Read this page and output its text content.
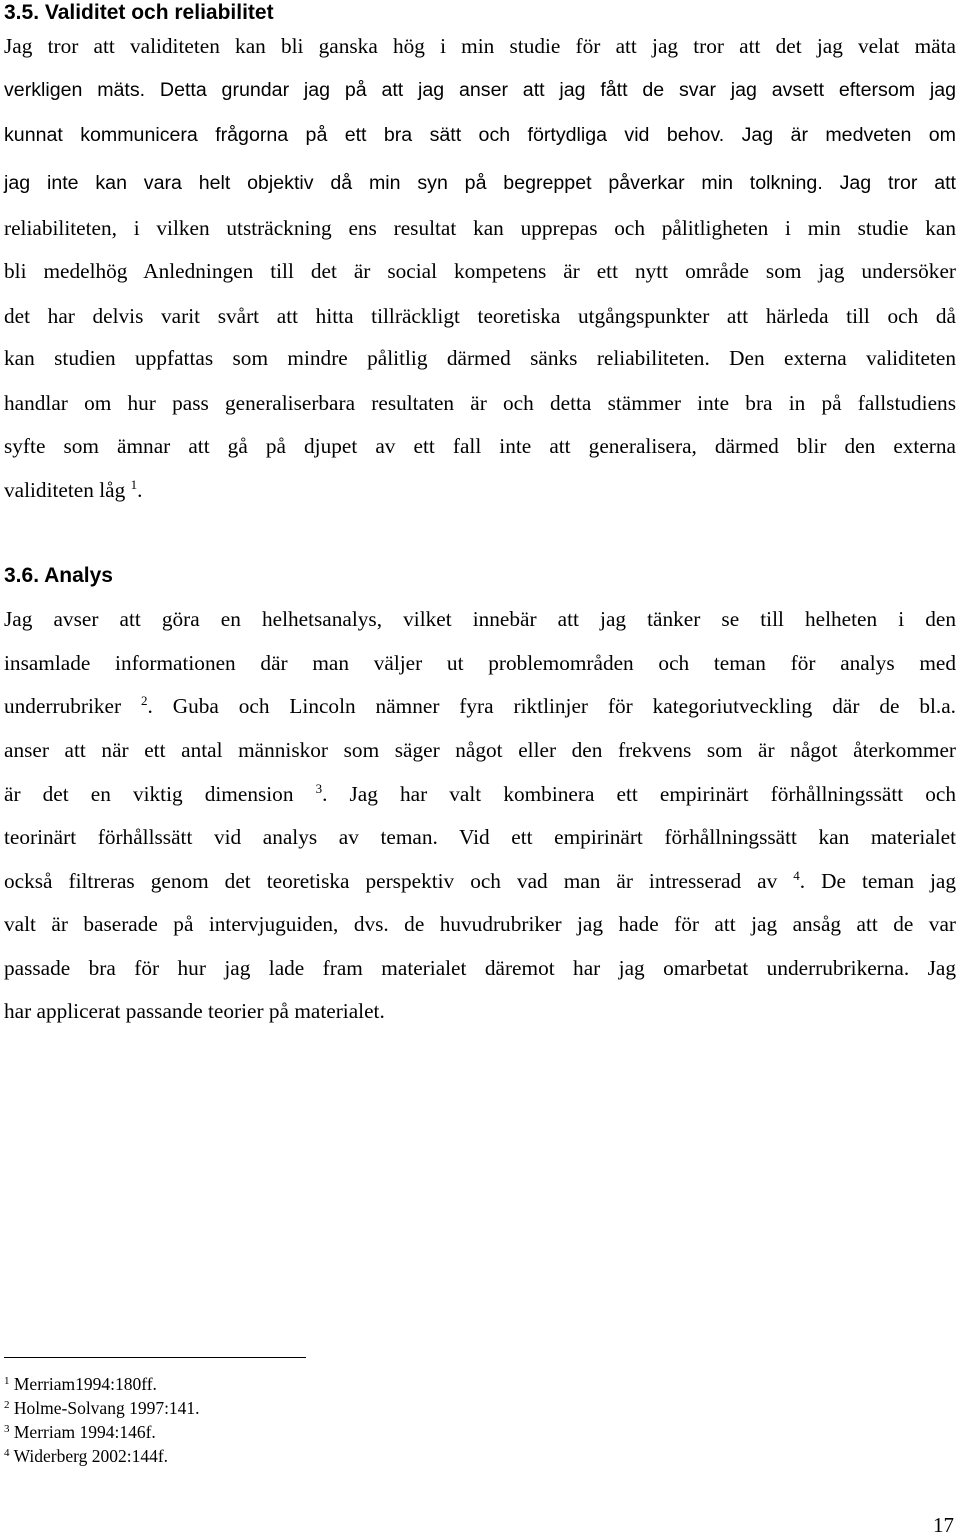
3.5. Validitet och reliabilitet
Jag tror att validiteten kan bli ganska hög i min studie för att jag tror att det jag velat mäta
verkligen mäts. Detta grundar jag på att jag anser att jag fått de svar jag avsett eftersom jag
kunnat kommunicera frågorna på ett bra sätt och förtydliga vid behov. Jag är medveten om
jag inte kan vara helt objektiv då min syn på begreppet påverkar min tolkning. Jag tror att
reliabiliteten, i vilken utsträckning ens resultat kan upprepas och pålitligheten i min studie kan
bli medelhög Anledningen till det är social kompetens är ett nytt område som jag undersöker
det har delvis varit svårt att hitta tillräckligt teoretiska utgångspunkter att härleda till och då
kan studien uppfattas som mindre pålitlig därmed sänks reliabiliteten. Den externa validiteten
handlar om hur pass generaliserbara resultaten är och detta stämmer inte bra in på fallstudiens
syfte som ämnar att gå på djupet av ett fall inte att generalisera, därmed blir den externa
validiteten låg $^1$.
3.6. Analys
Jag avser att göra en helhetsanalys, vilket innebär att jag tänker se till helheten i den
insamlade informationen där man väljer ut problemområden och teman för analys med
underrubriker $^2$. Guba och Lincoln nämner fyra riktlinjer för kategoriutveckling där de bl.a.
anser att när ett antal människor som säger något eller den frekvens som är något återkommer
är det en viktig dimension $^3$. Jag har valt kombinera ett empirinärt förhållningssätt och
teorinärt förhållssätt vid analys av teman. Vid ett empirinärt förhållningssätt kan materialet
också filtreras genom det teoretiska perspektiv och vad man är intresserad av $^4$. De teman jag
valt är baserade på intervjuguiden, dvs. de huvudrubriker jag hade för att jag ansåg att de var
passade bra för hur jag lade fram materialet däremot har jag omarbetat underrubrikerna. Jag
har applicerat passande teorier på materialet.
$^1$ Merriam1994:180ff.
$^2$ Holme-Solvang 1997:141.
$^3$ Merriam 1994:146f.
$^4$ Widerberg 2002:144f.
17
